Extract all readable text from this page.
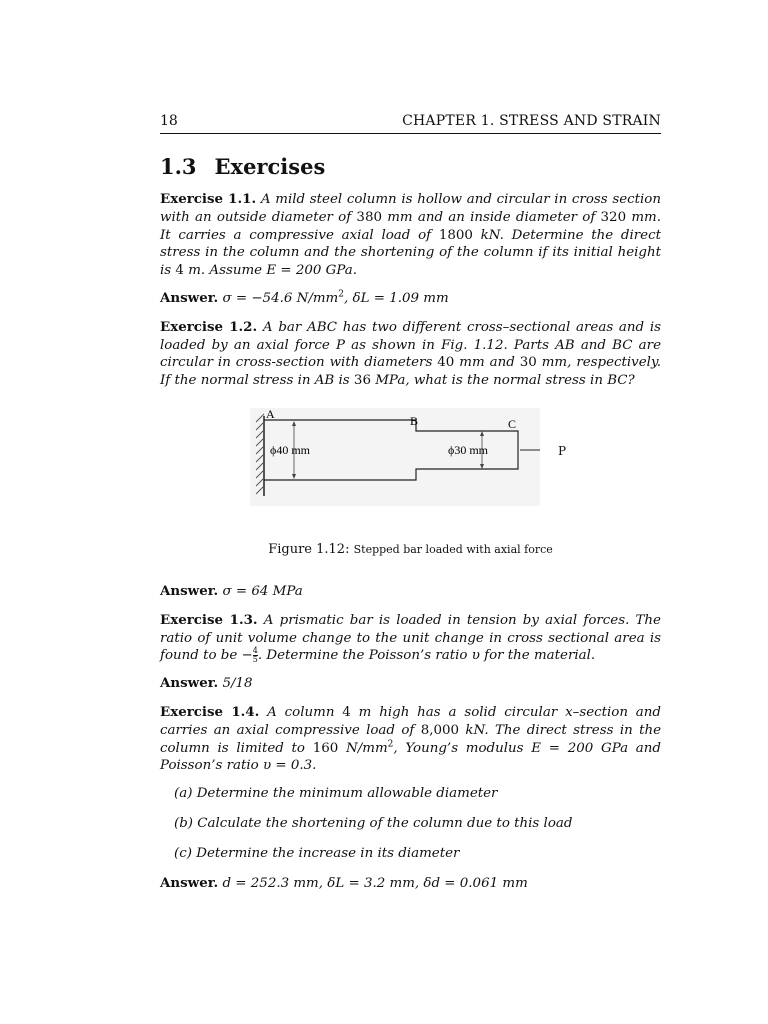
18	CHAPTER 1. STRESS AND STRAIN
1.3 Exercises

Exercise 1.1. A mild steel column is hollow and circular in cross section with an outside diameter of 380 mm and an inside diameter of 320 mm. It carries a compressive axial load of 1800 kN. Determine the direct stress in the column and the shortening of the column if its initial height is 4 m. Assume E = 200 GPa.

Answer. σ = −54.6 $N/mm^2$, δL = 1.09 mm

Exercise 1.2. A bar ABC has two different cross–sectional areas and is loaded by an axial force P as shown in Fig. 1.12. Parts AB and BC are circular in cross-section with diameters 40 mm and 30 mm, respectively. If the normal stress in AB is 36 MPa, what is the normal stress in BC?

A	B	C
ϕ40 mm	ϕ30 mm	P
Figure 1.12: Stepped bar loaded with axial force

Answer. σ = 64 MPa

Exercise 1.3. A prismatic bar is loaded in tension by axial forces. The ratio of unit volume change to the unit change in cross sectional area is found to be − $\frac{4}{5}$ . Determine the Poisson’s ratio υ for the material.

Answer. 5/18

Exercise 1.4. A column 4 m high has a solid circular x–section and carries an axial compressive load of 8,000 kN. The direct stress in the column is limited to 160 $N/mm^2$, Young’s modulus E = 200 GPa and Poisson’s ratio υ = 0.3.

(a) Determine the minimum allowable diameter

(b) Calculate the shortening of the column due to this load

(c) Determine the increase in its diameter

Answer. d = 252.3 mm, δL = 3.2 mm, δd = 0.061 mm
